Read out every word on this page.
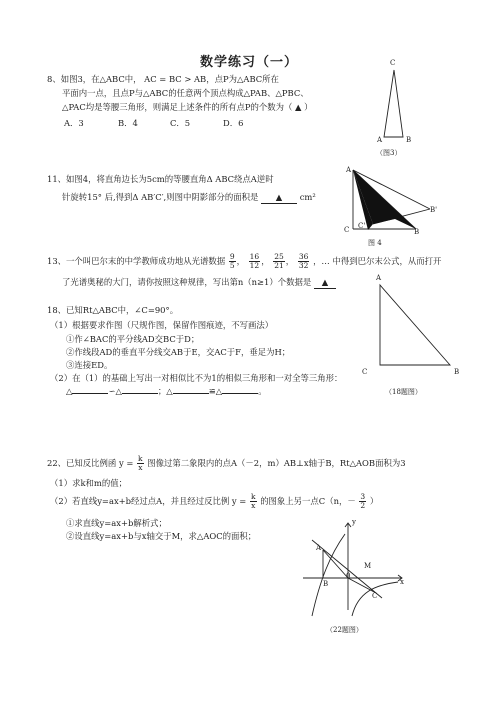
数学练习（一）
8、如图3，在△ABC中， AC = BC > AB，点P为△ABC所在
平面内一点，且点P与△ABC的任意两个顶点构成△PAB、△PBC、
△PAC均是等腰三角形，则满足上述条件的所有点P的个数为（ ▲ ）
A．3	B．4	C．5	D．6
C
A	B
（图3）
11、如图4，将直角边长为5cm的等腰直角Δ ABC绕点A逆时
针旋转15° 后,得到Δ AB′C′,则图中阴影部分的面积是 ▲ cm²
A
C C'
B
B'
图 4
13、一个叫巴尔末的中学教师成功地从光谱数据 $\frac{9}{5}$ ， $\frac{16}{12}$ ， $\frac{25}{21}$ ， $\frac{36}{32}$ ，… 中得到巴尔末公式，从而打开
了光谱奥秘的大门，请你按照这种规律，写出第n（n≥1）个数据是 ▲
18、已知Rt△ABC中，∠C=90°。
（1）根据要求作图（尺规作图，保留作图痕迹，不写画法）
①作∠BAC的平分线AD交BC于D；
②作线段AD的垂直平分线交AB于E，交AC于F，垂足为H；
③连接ED。
（2）在（1）的基础上写出一对相似比不为1的相似三角形和一对全等三角形：
△	∽△	；△	≌△	。
A
C	B
（18题图）
22、已知反比例函 $y = \frac{k}{x}$ 图像过第二象限内的点A（－2，m）AB⊥x轴于B，Rt△AOB面积为3
（1）求k和m的值；
（2）若直线y=ax+b经过点A，并且经过反比例 $y = \frac{k}{x}$ 的图象上另一点C（n，－ $\frac{3}{2}$ ）
①求直线y=ax+b解析式；
②设直线y=ax+b与x轴交于M，求△AOC的面积；
y
x
A
B
0
M
C
（22题图）
